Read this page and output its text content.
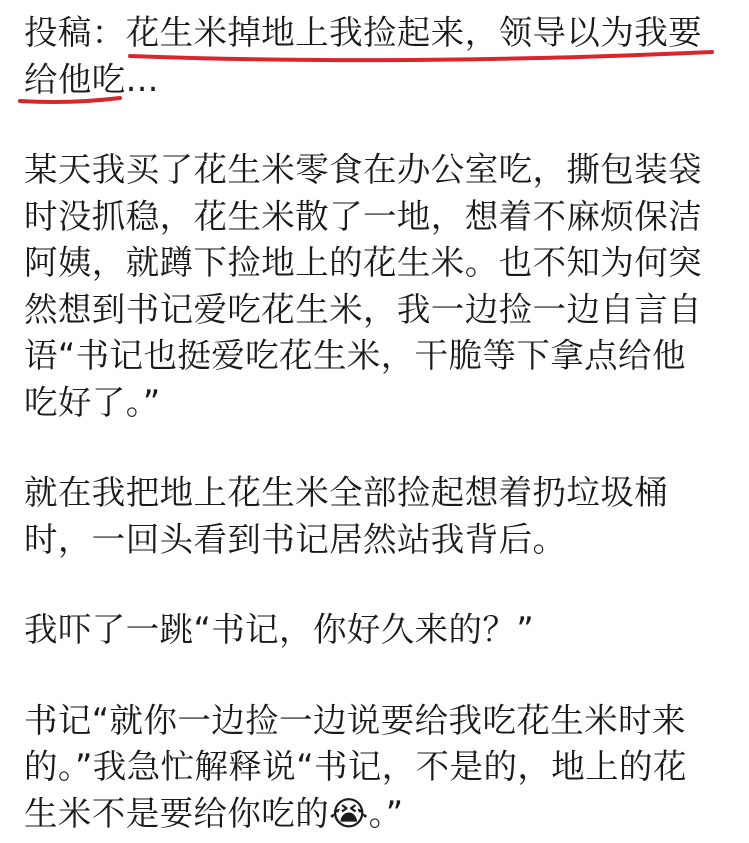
投稿：花生米掉地上我捡起来，领导以为我要
给他吃...
某天我买了花生米零食在办公室吃，撕包装袋
时没抓稳，花生米散了一地，想着不麻烦保洁
阿姨，就蹲下捡地上的花生米。也不知为何突
然想到书记爱吃花生米，我一边捡一边自言自
语“书记也挺爱吃花生米，干脆等下拿点给他
吃好了。”
就在我把地上花生米全部捡起想着扔垃圾桶
时，一回头看到书记居然站我背后。
我吓了一跳“书记，你好久来的？”
书记“就你一边捡一边说要给我吃花生米时来
的。”我急忙解释说“书记，不是的，地上的花
生米不是要给你吃的😭。”
